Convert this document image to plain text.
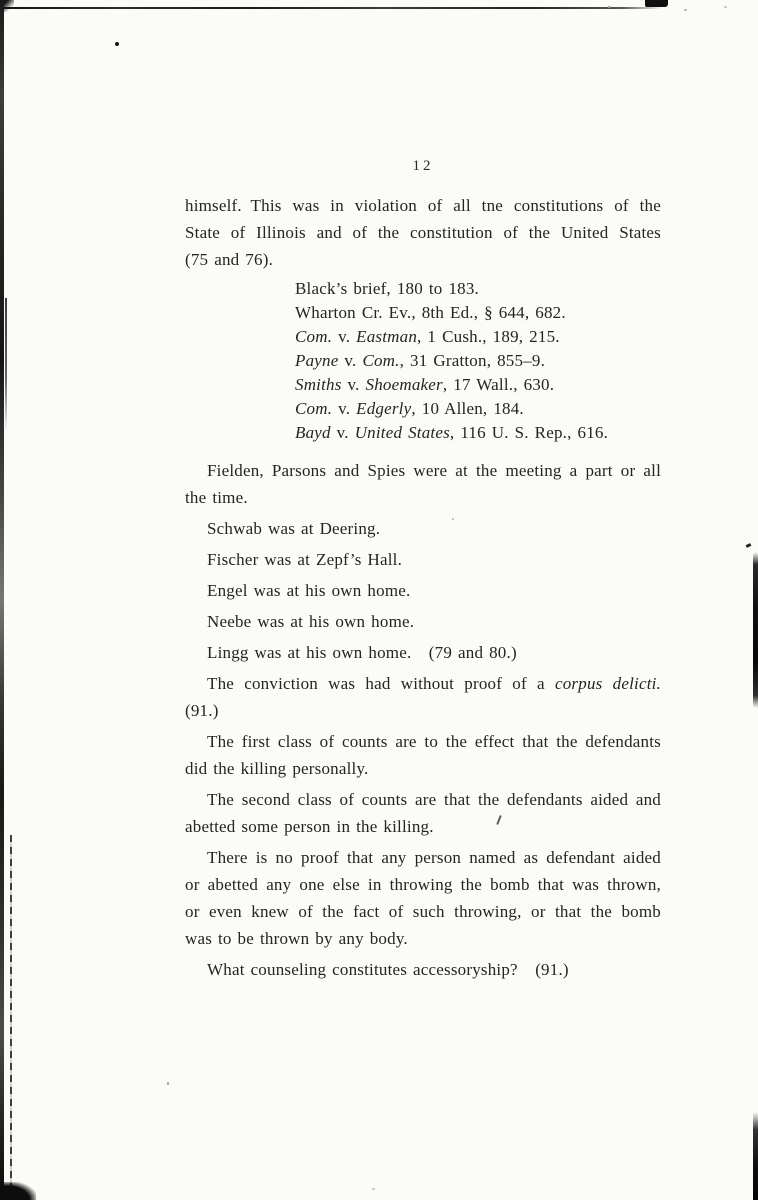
12
himself. This was in violation of all tne constitutions of the
State of Illinois and of the constitution of the United States
(75 and 76).
Black’s brief, 180 to 183.
Wharton Cr. Ev., 8th Ed., § 644, 682.
Com. v. Eastman, 1 Cush., 189, 215.
Payne v. Com., 31 Gratton, 855–9.
Smiths v. Shoemaker, 17 Wall., 630.
Com. v. Edgerly, 10 Allen, 184.
Bayd v. United States, 116 U. S. Rep., 616.
Fielden, Parsons and Spies were at the meeting a part or all
the time.
Schwab was at Deering.
Fischer was at Zepf’s Hall.
Engel was at his own home.
Neebe was at his own home.
Lingg was at his own home.  (79 and 80.)
The conviction was had without proof of a corpus delicti.
(91.)
The first class of counts are to the effect that the defendants
did the killing personally.
The second class of counts are that the defendants aided and
abetted some person in the killing.
There is no proof that any person named as defendant aided
or abetted any one else in throwing the bomb that was thrown,
or even knew of the fact of such throwing, or that the bomb
was to be thrown by any body.
What counseling constitutes accessoryship?  (91.)
